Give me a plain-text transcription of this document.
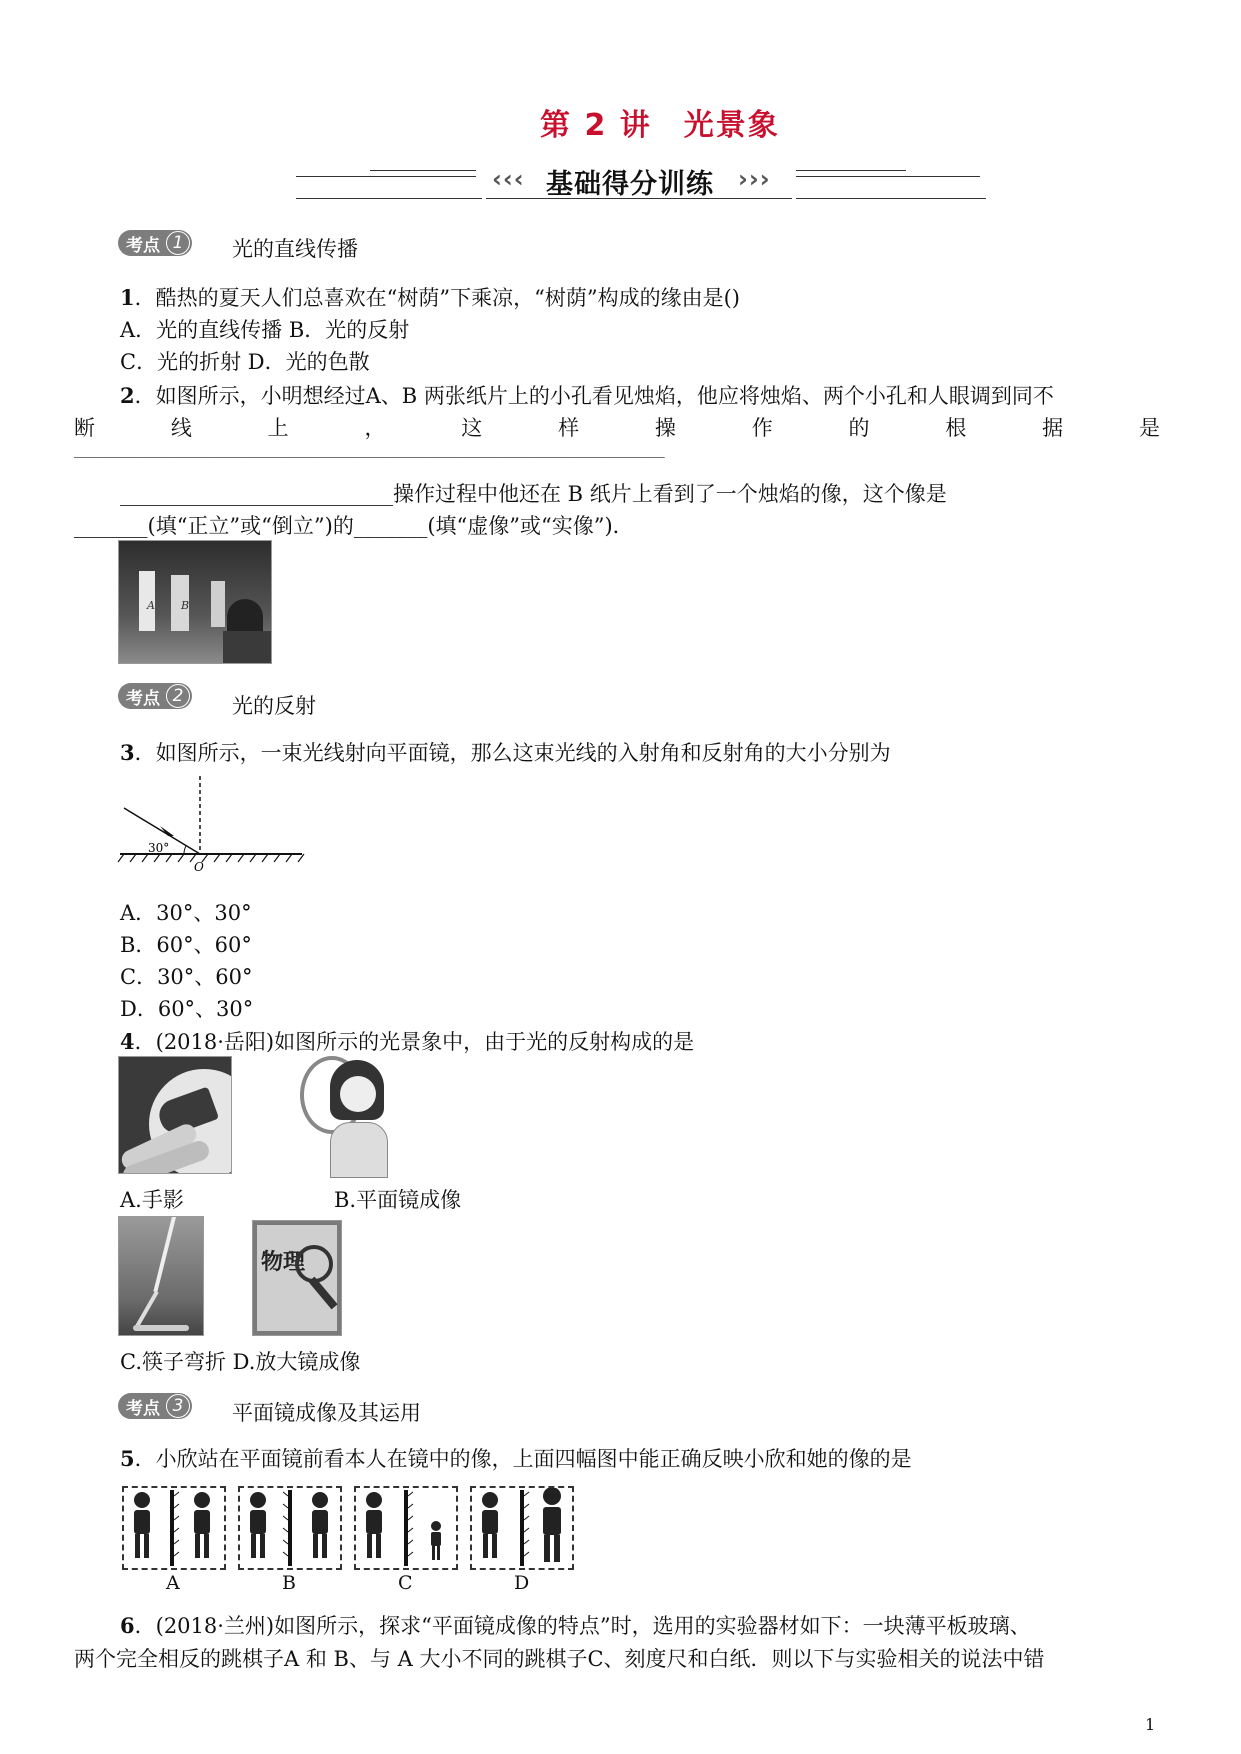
第 2 讲　光景象
‹‹‹ 基础得分训练 ›››
考点 1	光的直线传播
1．酷热的夏天人们总喜欢在“树荫”下乘凉，“树荫”构成的缘由是()
A．光的直线传播 B．光的反射
C．光的折射 D．光的色散
2．如图所示，小明想经过A、B 两张纸片上的小孔看见烛焰，他应将烛焰、两个小孔和人眼调到同不
断	线	上	，	这	样	操	作	的	根	据	是
__________________________________________________________________________________
__________________________操作过程中他还在 B 纸片上看到了一个烛焰的像，这个像是
_______(填“正立”或“倒立”)的_______(填“虚像”或“实像”)．
A B
考点 2	光的反射
3．如图所示，一束光线射向平面镜，那么这束光线的入射角和反射角的大小分别为
30°
O
A．30°、30°
B．60°、60°
C．30°、60°
D．60°、30°
4．(2018·岳阳)如图所示的光景象中，由于光的反射构成的是
A.手影	B.平面镜成像
物理
C.筷子弯折 D.放大镜成像
考点 3	平面镜成像及其运用
5．小欣站在平面镜前看本人在镜中的像，上面四幅图中能正确反映小欣和她的像的是
A	B	C	D
6．(2018·兰州)如图所示，探求“平面镜成像的特点”时，选用的实验器材如下：一块薄平板玻璃、
两个完全相反的跳棋子A 和 B、与 A 大小不同的跳棋子C、刻度尺和白纸．则以下与实验相关的说法中错
1
